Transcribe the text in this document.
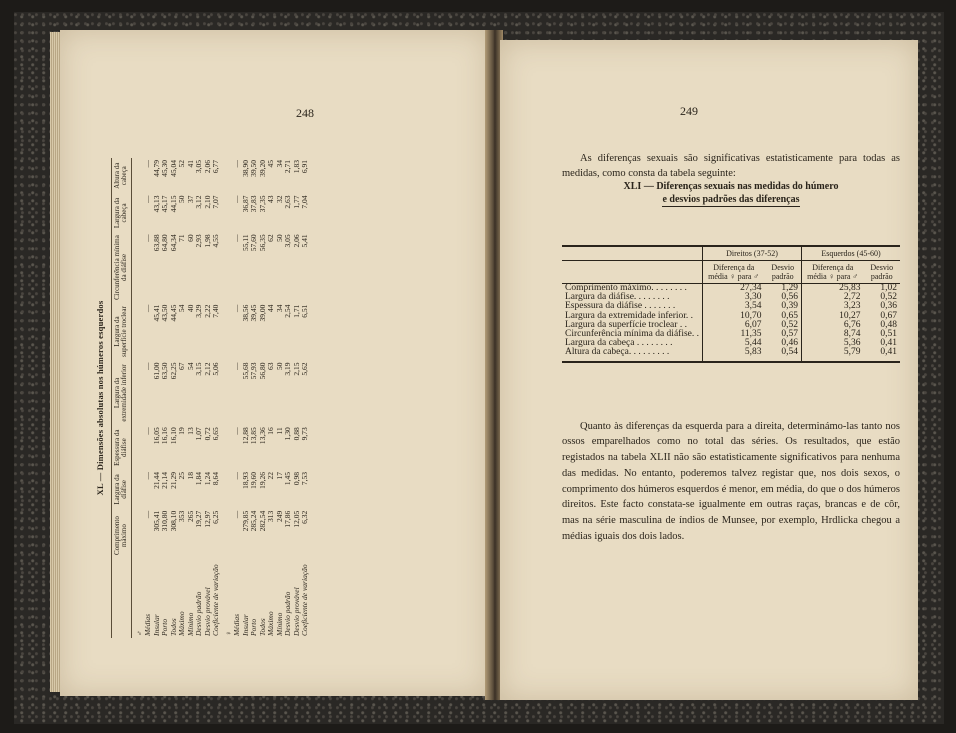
248
XL — Dimensões absolutas nos húmeros esquerdos
	Comprimento máximo	Largura da diáfise	Espessura da diáfise	Largura da extremidade inferior	Largura da superfície troclear	Circunferência mínima da diáfise	Largura da cabeça	Altura da cabeça
♂								
Médias	—	—	—	—	—	—	—	—
Insular	305,41	21,44	16,05	61,00	45,41	63,88	43,13	44,79
Porto	310,80	21,14	16,16	63,50	43,50	64,80	45,17	45,30
Todos	308,10	21,29	16,10	62,25	44,45	64,34	44,15	45,04
Máximo	353	25	19	67	54	71	50	52
Mínimo	265	18	13	54	40	60	37	41
Desvio padrão	19,27	1,84	1,07	3,15	3,29	2,93	3,12	3,05
Desvio provável	12,97	1,24	0,72	2,12	2,22	1,98	2,10	2,06
Coeficiente de variação	6,25	8,64	6,65	5,06	7,40	4,55	7,07	6,77
♀								
Médias	—	—	—	—	—	—	—	—
Insular	279,85	18,93	12,88	55,68	38,56	55,11	36,87	38,90
Porto	285,24	19,60	13,85	57,93	39,45	57,60	37,83	39,50
Todos	282,54	19,26	13,36	56,80	39,00	56,35	37,35	39,20
Máximo	313	22	16	63	44	62	43	45
Mínimo	249	17	11	50	34	50	32	34
Desvio padrão	17,86	1,45	1,30	3,19	2,54	3,05	2,63	2,71
Desvio provável	12,05	0,98	0,88	2,15	1,71	2,06	1,77	1,83
Coeficiente de variação	6,32	7,53	9,73	5,62	6,51	5,41	7,04	6,91
249

As diferenças sexuais são significativas estatìsticamente para todas as medidas, como consta da tabela seguinte:

XLI — Diferenças sexuais nas medidas do húmero
e desvios padrões das diferenças
	Direitos (37-52)		Esquerdos (45-60)	
	Diferença da média ♀ para ♂	Desvio padrão	Diferença da média ♀ para ♂	Desvio padrão
Comprimento máximo. . . . . . . .	27,34	1,29	25,83	1,02
Largura da diáfise. . . . . . . .	3,30	0,56	2,72	0,52
Espessura da diáfise . . . . . . .	3,54	0,39	3,23	0,36
Largura da extremidade inferior. .	10,70	0,65	10,27	0,67
Largura da superfície troclear . .	6,07	0,52	6,76	0,48
Circunferência mínima da diáfise. .	11,35	0,57	8,74	0,51
Largura da cabeça . . . . . . . .	5,44	0,46	5,36	0,41
Altura da cabeça. . . . . . . . .	5,83	0,54	5,79	0,41

Quanto às diferenças da esquerda para a direita, determinámo-las tanto nos ossos emparelhados como no total das séries. Os resultados, que estão registados na tabela XLII não são estatìsticamente significativos para nenhuma das medidas. No entanto, poderemos talvez registar que, nos dois sexos, o comprimento dos húmeros esquerdos é menor, em média, do que o dos húmeros direitos. Este facto constata-se igualmente em outras raças, brancas e de côr, mas na série masculina de índios de Munsee, por exemplo, Hrdlicka chegou a médias iguais dos dois lados.
